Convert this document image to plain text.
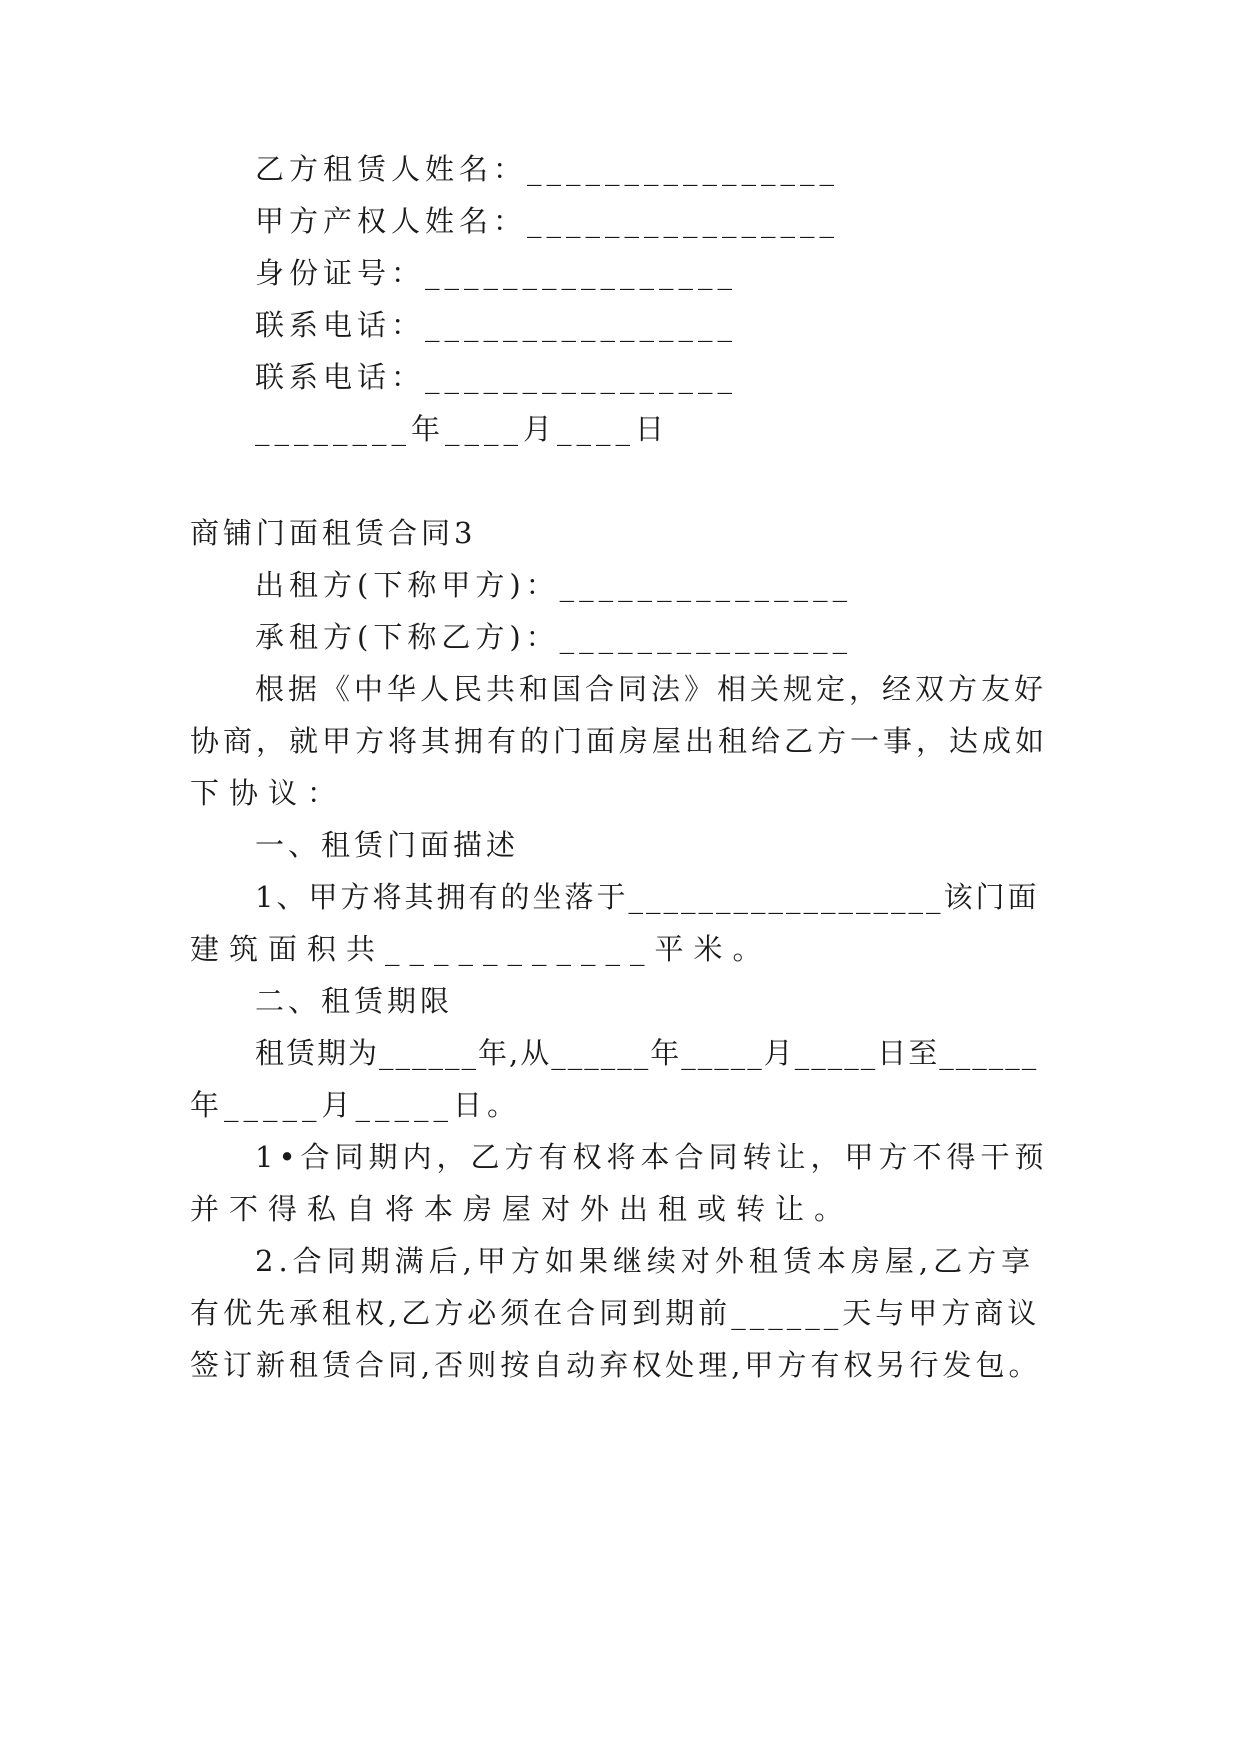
乙方租赁人姓名：________________
甲方产权人姓名：________________
身份证号：________________
联系电话：________________
联系电话：________________
________年____月____日
商铺门面租赁合同3
出租方(下称甲方)：_______________
承租方(下称乙方)：_______________
根据《中华人民共和国合同法》相关规定，经双方友好
协商，就甲方将其拥有的门面房屋出租给乙方一事，达成如
下协议：
一、租赁门面描述
1、甲方将其拥有的坐落于__________________该门面
建筑面积共___________平米。
二、租赁期限
租赁期为______年,从______年_____月_____日至______
年_____月_____日。
1•合同期内，乙方有权将本合同转让，甲方不得干预
并不得私自将本房屋对外出租或转让。
2.合同期满后,甲方如果继续对外租赁本房屋,乙方享
有优先承租权,乙方必须在合同到期前______天与甲方商议
签订新租赁合同,否则按自动弃权处理,甲方有权另行发包。
